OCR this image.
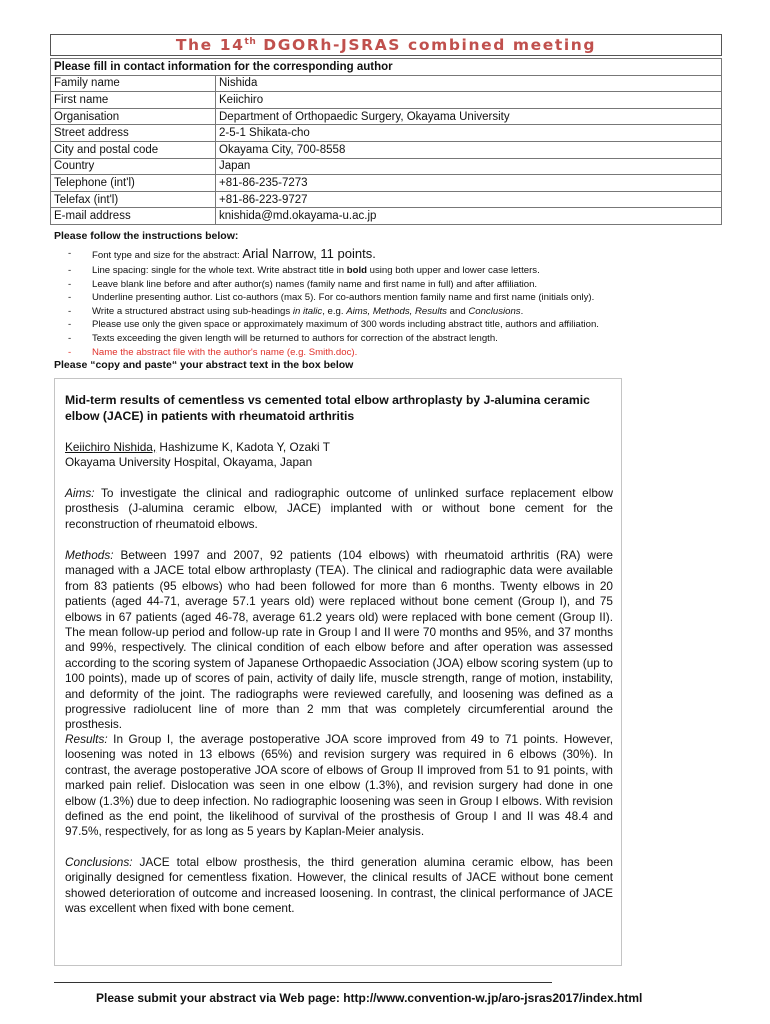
The 14th DGORh-JSRAS combined meeting
Please fill in contact information for the corresponding author	
Family name	Nishida
First name	Keiichiro
Organisation	Department of Orthopaedic Surgery, Okayama University
Street address	2-5-1 Shikata-cho
City and postal code	Okayama City, 700-8558
Country	Japan
Telephone (int'l)	+81-86-235-7273
Telefax (int'l)	+81-86-223-9727
E-mail address	knishida@md.okayama-u.ac.jp
Please follow the instructions below:
- Font type and size for the abstract: Arial Narrow, 11 points.
- Line spacing: single for the whole text. Write abstract title in bold using both upper and lower case letters.
- Leave blank line before and after author(s) names (family name and first name in full) and after affiliation.
- Underline presenting author. List co-authors (max 5). For co-authors mention family name and first name (initials only).
- Write a structured abstract using sub-headings in italic, e.g. Aims, Methods, Results and Conclusions.
- Please use only the given space or approximately maximum of 300 words including abstract title, authors and affiliation.
- Texts exceeding the given length will be returned to authors for correction of the abstract length.
- Name the abstract file with the author's name (e.g. Smith.doc).
Please “copy and paste“ your abstract text in the box below
Mid-term results of cementless vs cemented total elbow arthroplasty by J-alumina ceramic elbow (JACE) in patients with rheumatoid arthritis
Keiichiro Nishida, Hashizume K, Kadota Y, Ozaki T
Okayama University Hospital, Okayama, Japan
Aims: To investigate the clinical and radiographic outcome of unlinked surface replacement elbow prosthesis (J-alumina ceramic elbow, JACE) implanted with or without bone cement for the reconstruction of rheumatoid elbows.
Methods: Between 1997 and 2007, 92 patients (104 elbows) with rheumatoid arthritis (RA) were managed with a JACE total elbow arthroplasty (TEA). The clinical and radiographic data were available from 83 patients (95 elbows) who had been followed for more than 6 months. Twenty elbows in 20 patients (aged 44-71, average 57.1 years old) were replaced without bone cement (Group I), and 75 elbows in 67 patients (aged 46-78, average 61.2 years old) were replaced with bone cement (Group II). The mean follow-up period and follow-up rate in Group I and II were 70 months and 95%, and 37 months and 99%, respectively. The clinical condition of each elbow before and after operation was assessed according to the scoring system of Japanese Orthopaedic Association (JOA) elbow scoring system (up to 100 points), made up of scores of pain, activity of daily life, muscle strength, range of motion, instability, and deformity of the joint. The radiographs were reviewed carefully, and loosening was defined as a progressive radiolucent line of more than 2 mm that was completely circumferential around the prosthesis.
Results: In Group I, the average postoperative JOA score improved from 49 to 71 points. However, loosening was noted in 13 elbows (65%) and revision surgery was required in 6 elbows (30%). In contrast, the average postoperative JOA score of elbows of Group II improved from 51 to 91 points, with marked pain relief. Dislocation was seen in one elbow (1.3%), and revision surgery had done in one elbow (1.3%) due to deep infection. No radiographic loosening was seen in Group I elbows. With revision defined as the end point, the likelihood of survival of the prosthesis of Group I and II was 48.4 and 97.5%, respectively, for as long as 5 years by Kaplan-Meier analysis.
Conclusions: JACE total elbow prosthesis, the third generation alumina ceramic elbow, has been originally designed for cementless fixation. However, the clinical results of JACE without bone cement showed deterioration of outcome and increased loosening. In contrast, the clinical performance of JACE was excellent when fixed with bone cement.
Please submit your abstract via Web page: http://www.convention-w.jp/aro-jsras2017/index.html
